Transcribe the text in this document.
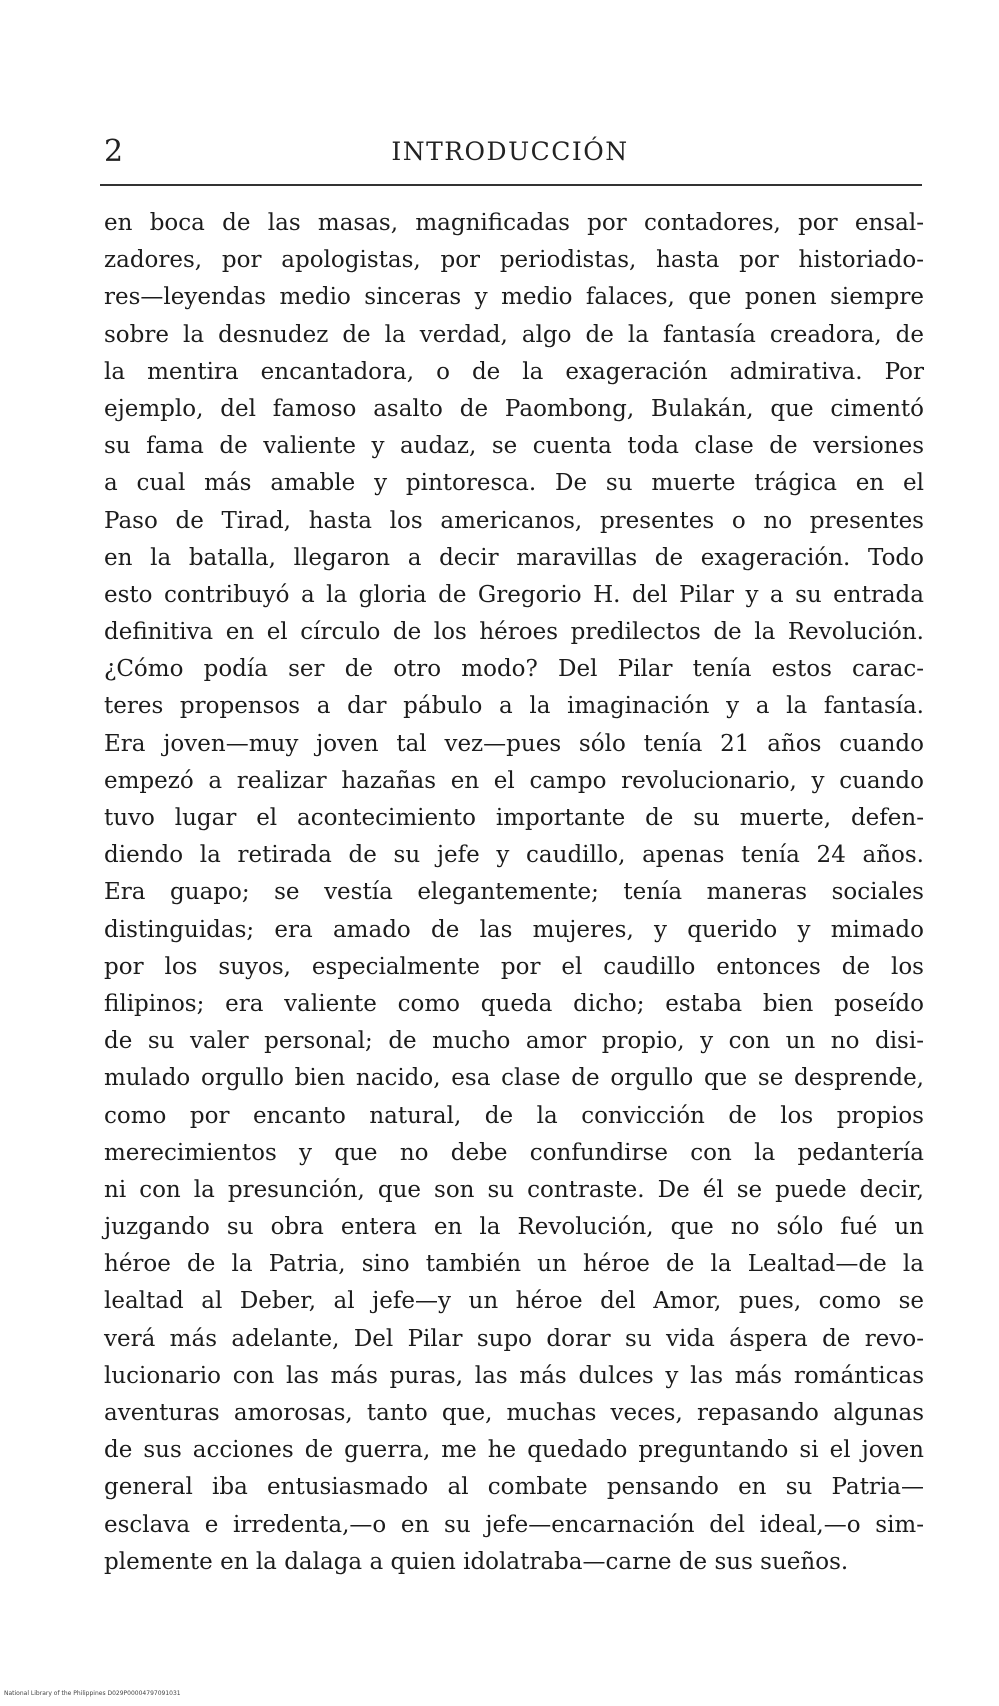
2	INTRODUCCIÓN
en boca de las masas, magnificadas por contadores, por ensal-
zadores, por apologistas, por periodistas, hasta por historiado-
res—leyendas medio sinceras y medio falaces, que ponen siempre
sobre la desnudez de la verdad, algo de la fantasía creadora, de
la mentira encantadora, o de la exageración admirativa. Por
ejemplo, del famoso asalto de Paombong, Bulakán, que cimentó
su fama de valiente y audaz, se cuenta toda clase de versiones
a cual más amable y pintoresca. De su muerte trágica en el
Paso de Tirad, hasta los americanos, presentes o no presentes
en la batalla, llegaron a decir maravillas de exageración. Todo
esto contribuyó a la gloria de Gregorio H. del Pilar y a su entrada
definitiva en el círculo de los héroes predilectos de la Revolución.
¿Cómo podía ser de otro modo? Del Pilar tenía estos carac-
teres propensos a dar pábulo a la imaginación y a la fantasía.
Era joven—muy joven tal vez—pues sólo tenía 21 años cuando
empezó a realizar hazañas en el campo revolucionario, y cuando
tuvo lugar el acontecimiento importante de su muerte, defen-
diendo la retirada de su jefe y caudillo, apenas tenía 24 años.
Era guapo; se vestía elegantemente; tenía maneras sociales
distinguidas; era amado de las mujeres, y querido y mimado
por los suyos, especialmente por el caudillo entonces de los
filipinos; era valiente como queda dicho; estaba bien poseído
de su valer personal; de mucho amor propio, y con un no disi-
mulado orgullo bien nacido, esa clase de orgullo que se desprende,
como por encanto natural, de la convicción de los propios
merecimientos y que no debe confundirse con la pedantería
ni con la presunción, que son su contraste. De él se puede decir,
juzgando su obra entera en la Revolución, que no sólo fué un
héroe de la Patria, sino también un héroe de la Lealtad—de la
lealtad al Deber, al jefe—y un héroe del Amor, pues, como se
verá más adelante, Del Pilar supo dorar su vida áspera de revo-
lucionario con las más puras, las más dulces y las más románticas
aventuras amorosas, tanto que, muchas veces, repasando algunas
de sus acciones de guerra, me he quedado preguntando si el joven
general iba entusiasmado al combate pensando en su Patria—
esclava e irredenta,—o en su jefe—encarnación del ideal,—o sim-
plemente en la dalaga a quien idolatraba—carne de sus sueños.
National Library of the Philippines D029P00004797091031
